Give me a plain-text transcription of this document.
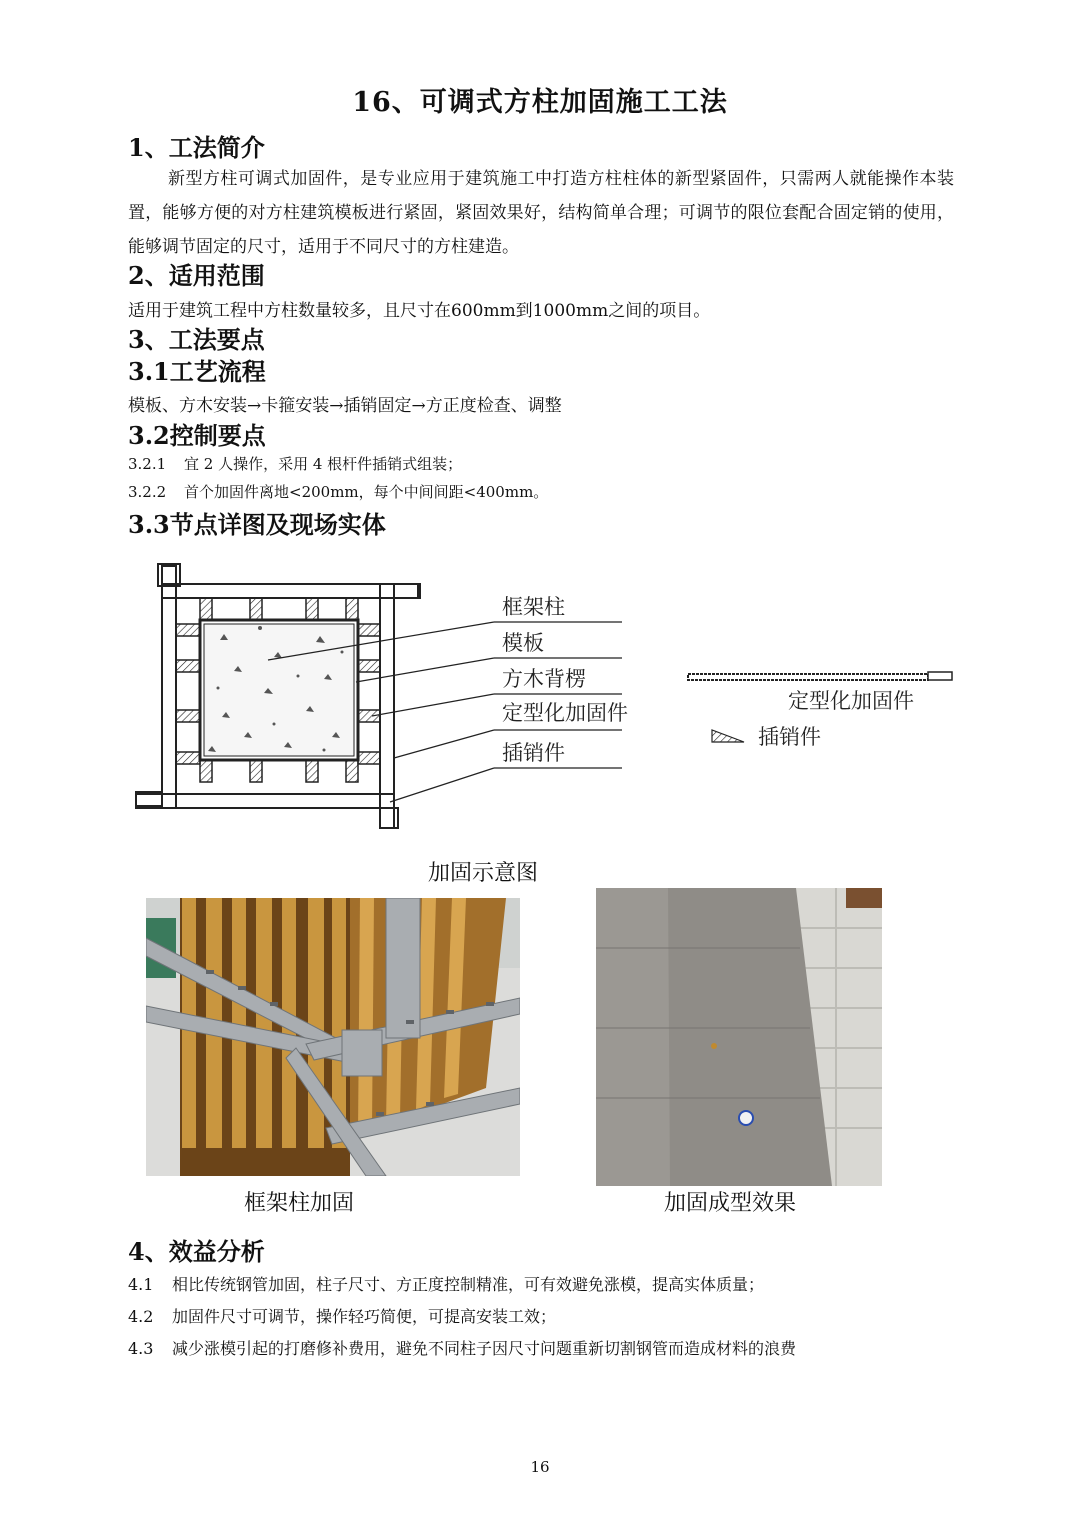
16、可调式方柱加固施工工法
1、工法简介
新型方柱可调式加固件，是专业应用于建筑施工中打造方柱柱体的新型紧固件，只需两人就能操作本装置，能够方便的对方柱建筑模板进行紧固，紧固效果好，结构简单合理；可调节的限位套配合固定销的使用，能够调节固定的尺寸，适用于不同尺寸的方柱建造。
2、适用范围
适用于建筑工程中方柱数量较多，且尺寸在600mm到1000mm之间的项目。
3、工法要点
3.1工艺流程
模板、方木安装→卡箍安装→插销固定→方正度检查、调整
3.2控制要点
3.2.1 宜 2 人操作，采用 4 根杆件插销式组装；
3.2.2 首个加固件离地<200mm，每个中间间距<400mm。
3.3节点详图及现场实体
框架柱
模板
方木背楞
定型化加固件
插销件
定型化加固件
插销件
加固示意图
框架柱加固	加固成型效果
4、效益分析
4.1 相比传统钢管加固，柱子尺寸、方正度控制精准，可有效避免涨模，提高实体质量；
4.2 加固件尺寸可调节，操作轻巧简便，可提高安装工效；
4.3 减少涨模引起的打磨修补费用，避免不同柱子因尺寸问题重新切割钢管而造成材料的浪费
16
